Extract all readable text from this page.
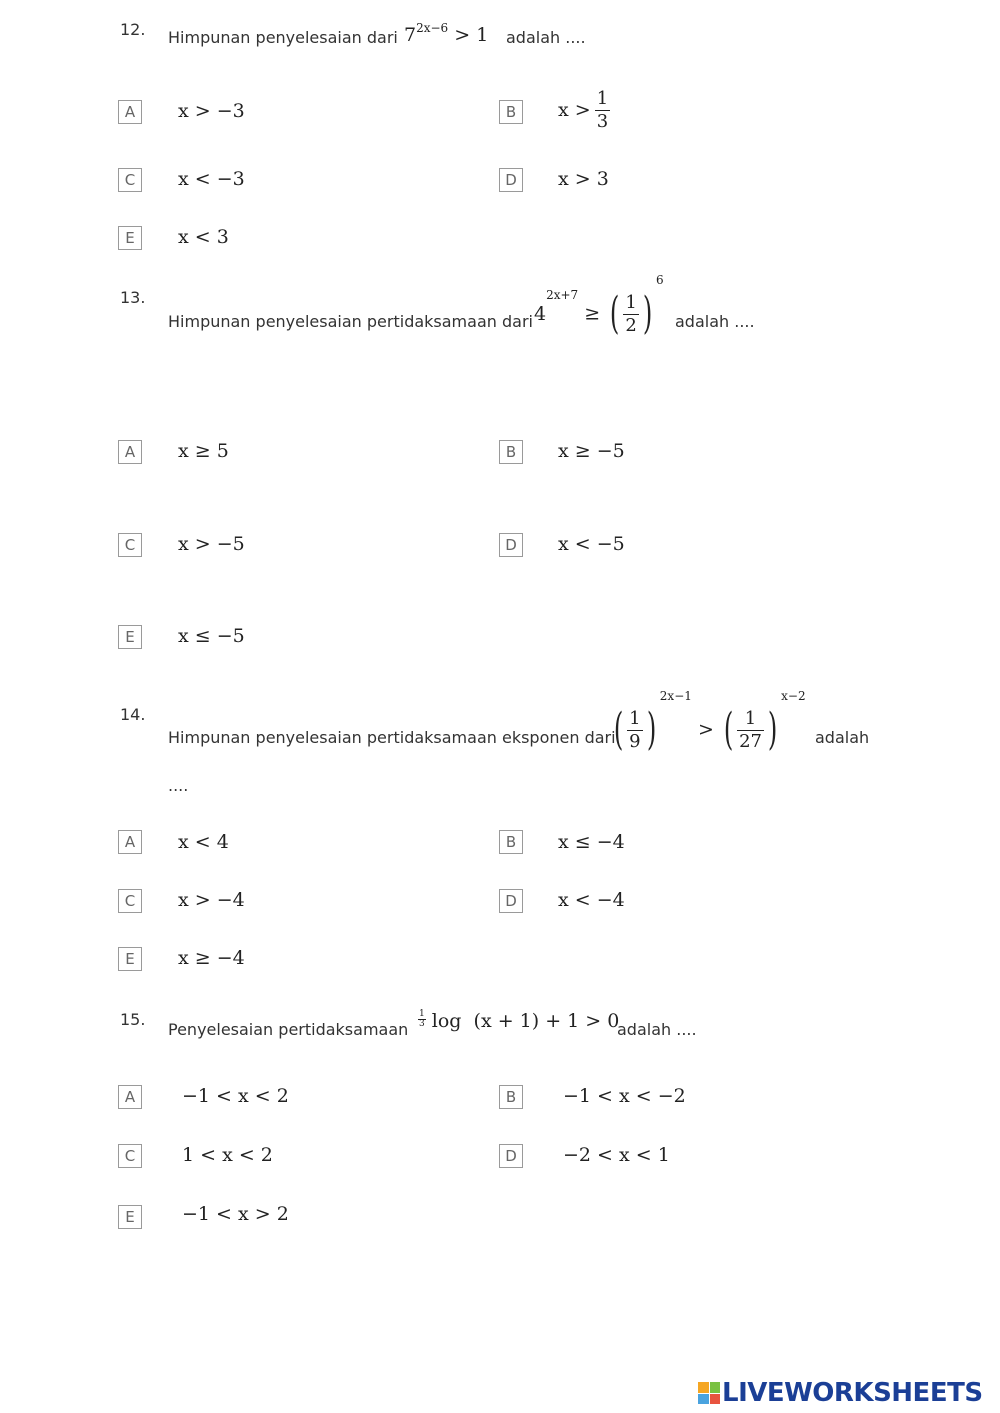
12. Himpunan penyelesaian dari $7^{2x-6} > 1$ adalah ....
A	x > −3	B	$x > \frac{1}{3}$
C	x < −3	D	x > 3
E	x < 3
13.
Himpunan penyelesaian pertidaksamaan dari $4^{2x+7}$ ≥ ( $\frac{1}{2} )^6$
adalah ....
A	x ≥ 5	B	x ≥ −5
C	x > −5	D	x < −5
E	x ≤ −5
14.
Himpunan penyelesaian pertidaksamaan eksponen dari
( $\frac{1}{9} )^{2x-1}$ > ( $\frac{1}{27} )^{x-2}$
adalah
....
A	x < 4	B	x ≤ −4
C	x > −4	D	x < −4
E	x ≥ −4
15.
Penyelesaian pertidaksamaan
$\frac{1}{3}$ log  (x + 1) + 1 > 0
adalah ....
A	−1 < x < 2	B	−1 < x < −2
C	1 < x < 2	D	−2 < x < 1
E	−1 < x > 2
LIVEWORKSHEETS
